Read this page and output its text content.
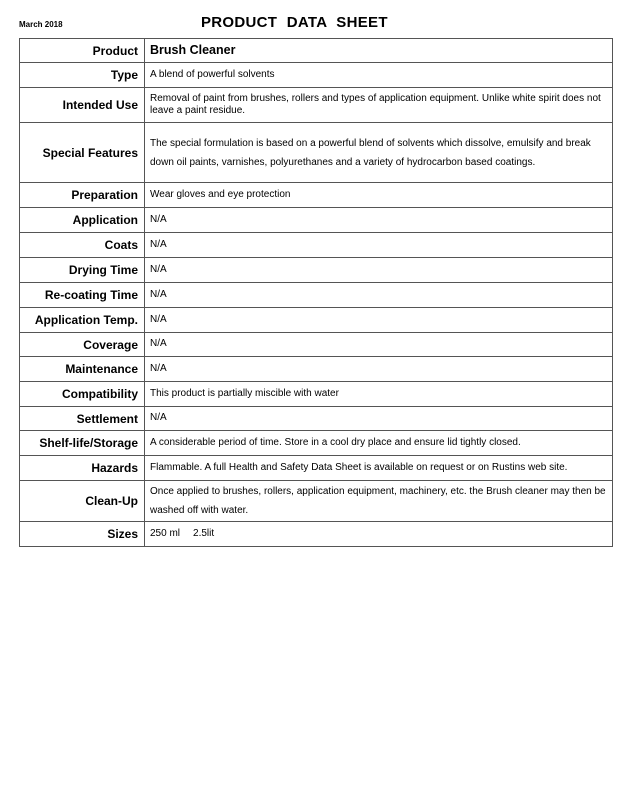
March 2018	PRODUCT DATA SHEET
Product	Brush Cleaner
Type	A blend of powerful solvents
Intended Use	Removal of paint from brushes, rollers and types of application equipment. Unlike white spirit does not leave a paint residue.
Special Features	The special formulation is based on a powerful blend of solvents which dissolve, emulsify and break down oil paints, varnishes, polyurethanes and a variety of hydrocarbon based coatings.
Preparation	Wear gloves and eye protection
Application	N/A
Coats	N/A
Drying Time	N/A
Re-coating Time	N/A
Application Temp.	N/A
Coverage	N/A
Maintenance	N/A
Compatibility	This product is partially miscible with water
Settlement	N/A
Shelf-life/Storage	A considerable period of time. Store in a cool dry place and ensure lid tightly closed.
Hazards	Flammable. A full Health and Safety Data Sheet is available on request or on Rustins web site.
Clean-Up	Once applied to brushes, rollers, application equipment, machinery, etc. the Brush cleaner may then be washed off with water.
Sizes	250 ml 2.5lit
